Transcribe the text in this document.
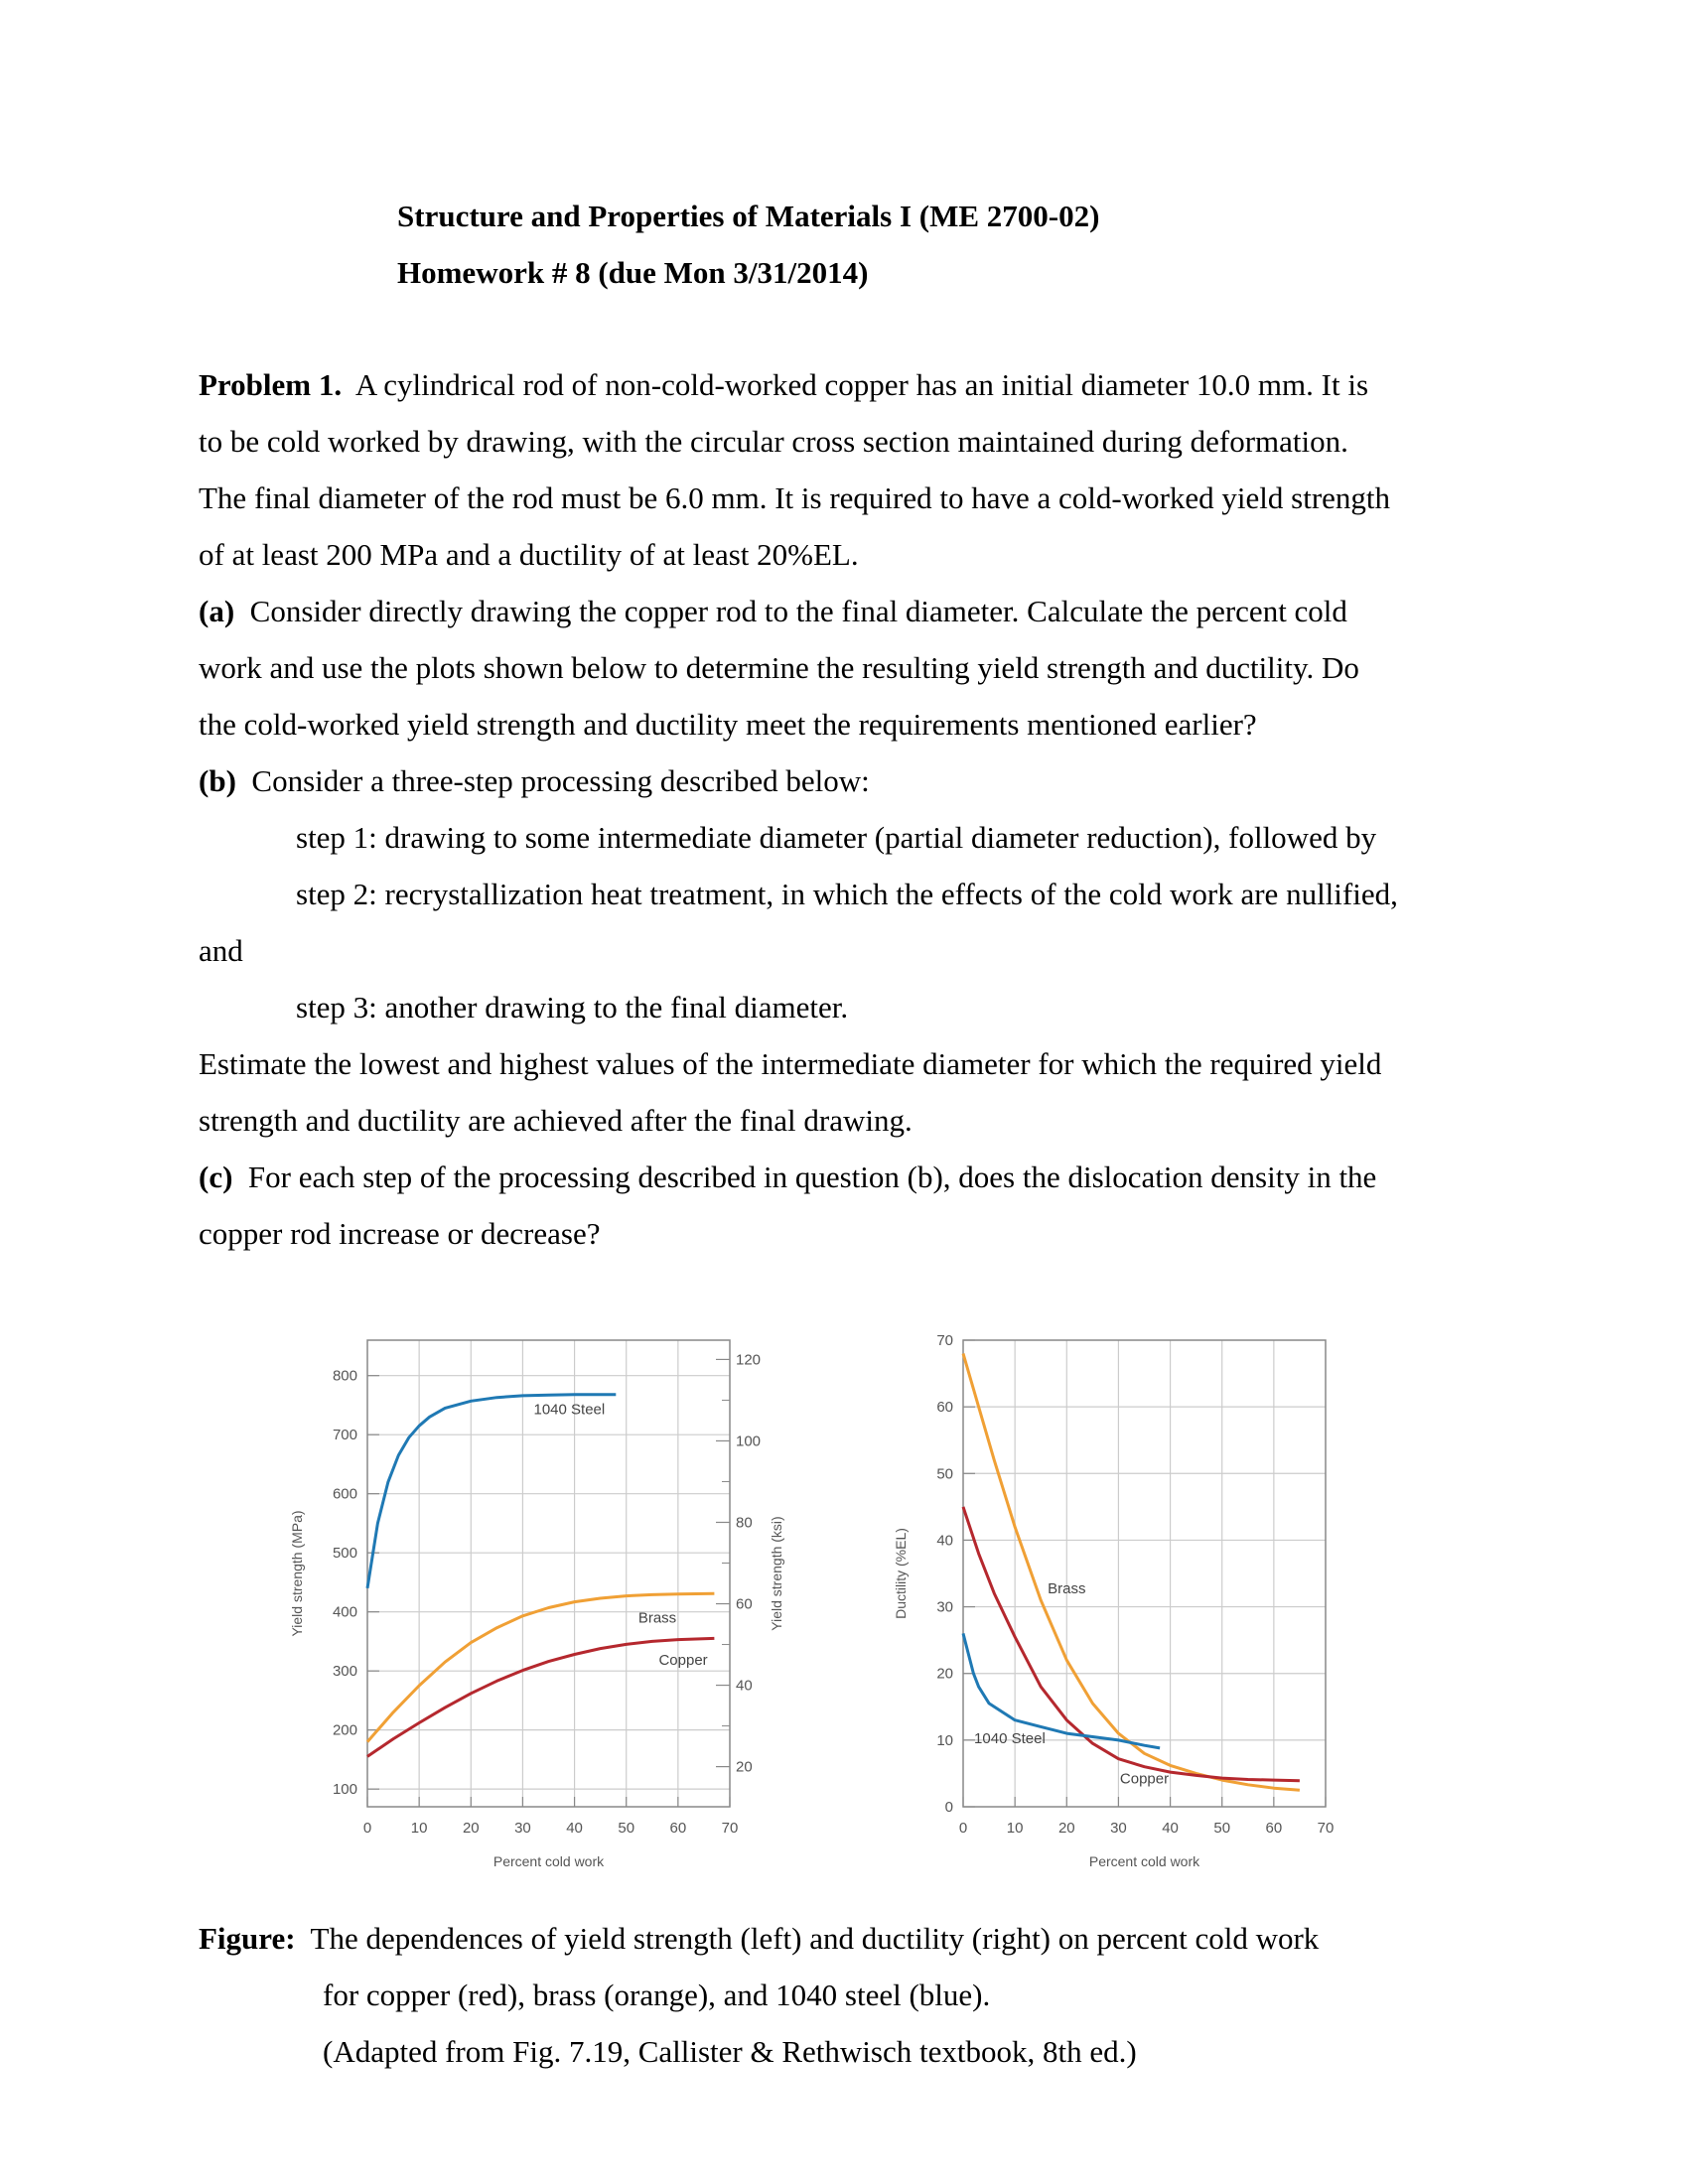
Structure and Properties of Materials I (ME 2700-02)
Homework # 8 (due Mon 3/31/2014)
Problem 1. A cylindrical rod of non-cold-worked copper has an initial diameter 10.0 mm. It is
to be cold worked by drawing, with the circular cross section maintained during deformation.
The final diameter of the rod must be 6.0 mm. It is required to have a cold-worked yield strength
of at least 200 MPa and a ductility of at least 20%EL.
(a) Consider directly drawing the copper rod to the final diameter. Calculate the percent cold
work and use the plots shown below to determine the resulting yield strength and ductility. Do
the cold-worked yield strength and ductility meet the requirements mentioned earlier?
(b) Consider a three-step processing described below:
step 1: drawing to some intermediate diameter (partial diameter reduction), followed by
step 2: recrystallization heat treatment, in which the effects of the cold work are nullified,
and
step 3: another drawing to the final diameter.
Estimate the lowest and highest values of the intermediate diameter for which the required yield
strength and ductility are achieved after the final drawing.
(c) For each step of the processing described in question (b), does the dislocation density in the
copper rod increase or decrease?
0	10 20 30 40 50 60 70
100
200
300
400
500
600
700
800
20
40
60
80
100
120
Yield strength (ksi)
Percent cold work
Yield strength (MPa)
1040 Steel
Brass
Copper
0	10 20 30 40 50 60 70
0
10
20
30
40
50
60
70
Percent cold work
Ductility (%EL)	Brass
1040 Steel
Copper
Figure: The dependences of yield strength (left) and ductility (right) on percent cold work
for copper (red), brass (orange), and 1040 steel (blue).
(Adapted from Fig. 7.19, Callister & Rethwisch textbook, 8th ed.)
